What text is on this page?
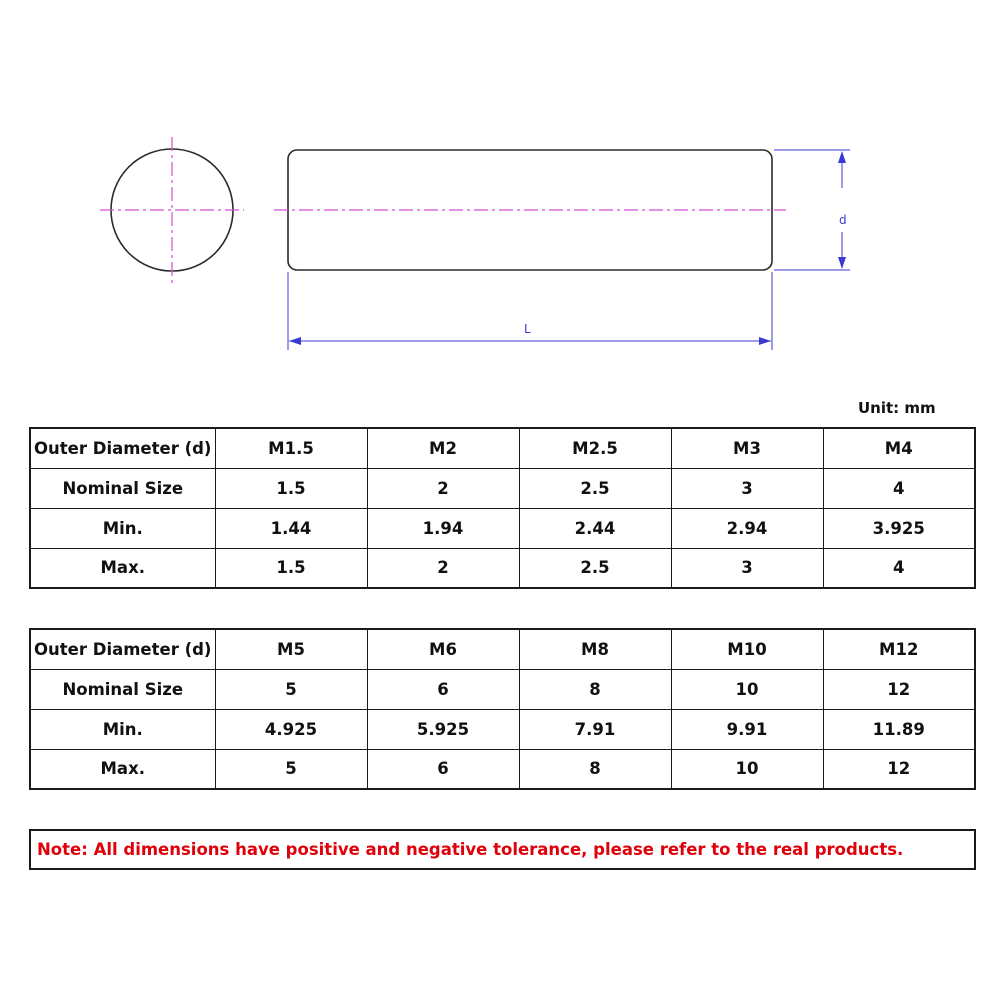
d
L
Unit: mm
Outer Diameter (d)	M1.5	M2	M2.5	M3	M4
Nominal Size	1.5	2	2.5	3	4
Min.	1.44	1.94	2.44	2.94	3.925
Max.	1.5	2	2.5	3	4
Outer Diameter (d)	M5	M6	M8	M10	M12
Nominal Size	5	6	8	10	12
Min.	4.925	5.925	7.91	9.91	11.89
Max.	5	6	8	10	12
Note: All dimensions have positive and negative tolerance, please refer to the real products.
